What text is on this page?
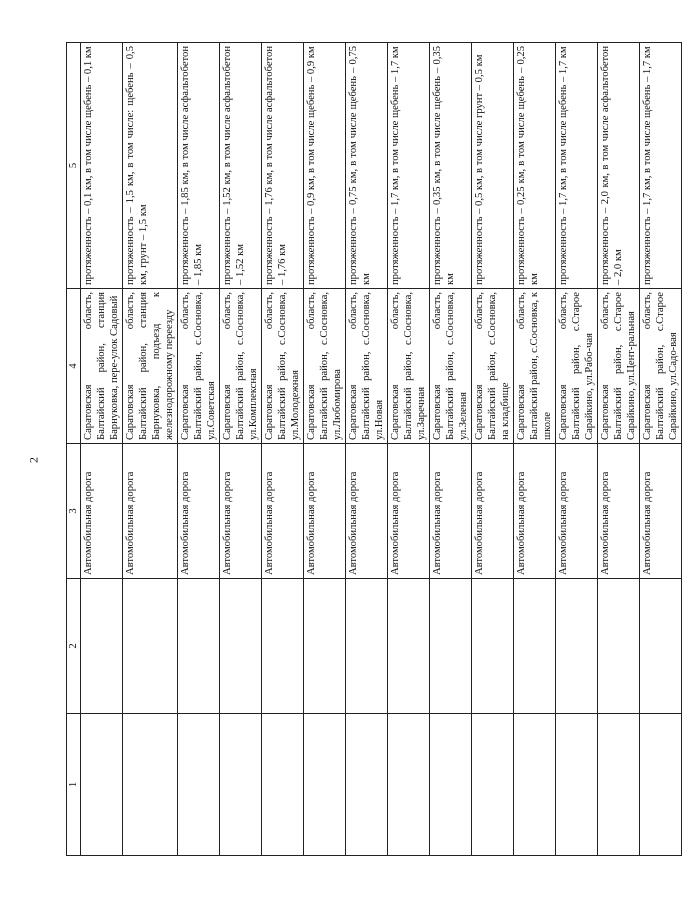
2
1	2	3	4	5
		Автомобильная дорога	Саратовская область, Балтайский район, станция Барнуковка, пере-улок Садовый	протяженность – 0,1 км, в том числе щебень – 0,1 км
		Автомобильная дорога	Саратовская область, Балтайский район, станция Барнуковка, подъезд к железнодорожному переезду	протяженность – 1,5 км, в том числе: щебень – 0,5 км, грунт – 1,5 км
		Автомобильная дорога	Саратовская область, Балтайский район, с.Сосновка, ул.Советская	протяженность – 1,85 км, в том числе асфальтобетон – 1,85 км
		Автомобильная дорога	Саратовская область, Балтайский район, с.Сосновка, ул.Комплексная	протяженность – 1,52 км, в том числе асфальтобетон – 1,52 км
		Автомобильная дорога	Саратовская область, Балтайский район, с.Сосновка, ул.Молодежная	протяженность – 1,76 км, в том числе асфальтобетон – 1,76 км
		Автомобильная дорога	Саратовская область, Балтайский район, с.Сосновка, ул.Любомирова	протяженность – 0,9 км, в том числе щебень – 0,9 км
		Автомобильная дорога	Саратовская область, Балтайский район, с.Сосновка, ул.Новая	протяженность – 0,75 км, в том числе щебень – 0,75 км
		Автомобильная дорога	Саратовская область, Балтайский район, с.Сосновка, ул.Заречная	протяженность – 1,7 км, в том числе щебень – 1,7 км
		Автомобильная дорога	Саратовская область, Балтайский район, с.Сосновка, ул.Зеленая	протяженность – 0,35 км, в том числе щебень – 0,35 км
		Автомобильная дорога	Саратовская область, Балтайский район, с.Сосновка, на кладбище	протяженность – 0,5 км, в том числе грунт – 0,5 км
		Автомобильная дорога	Саратовская область, Балтайский район, с.Сосновка, к школе	протяженность – 0,25 км, в том числе щебень – 0,25 км
		Автомобильная дорога	Саратовская область, Балтайский район, с.Старое Сарайкино, ул.Рабо-чая	протяженность – 1,7 км, в том числе щебень – 1,7 км
		Автомобильная дорога	Саратовская область, Балтайский район, с.Старое Сарайкино, ул.Цент-ральная	протяженность – 2,0 км, в том числе асфальтобетон – 2,0 км
		Автомобильная дорога	Саратовская область, Балтайский район, с.Старое Сарайкино, ул.Садо-вая	протяженность – 1,7 км, в том числе щебень – 1,7 км
